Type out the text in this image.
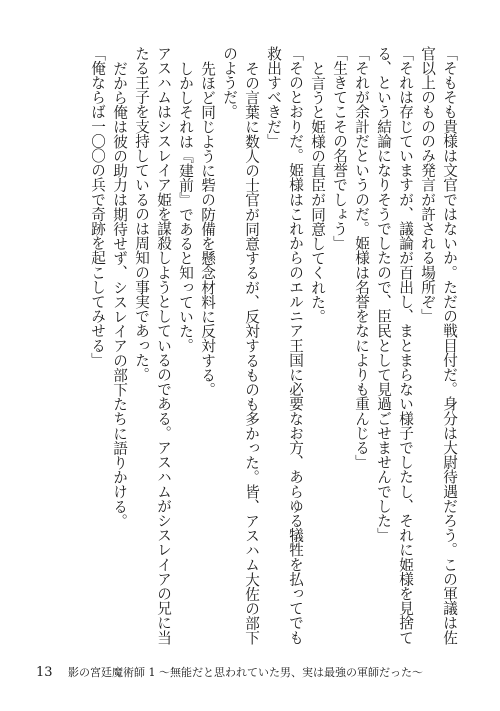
「そもそも貴様は文官ではないか。ただの戦目付だ。身分は大尉待遇だろう。この軍議は佐官以上のもののみ発言が許される場所ぞ」

「それは存じていますが、議論が百出し、まとまらない様子でしたし、それに姫様を見捨てる、という結論になりそうでしたので、臣民として見過ごせませんでした」

「それが余計だというのだ。姫様は名誉をなによりも重んじる」

「生きてこその名誉でしょう」

と言うと姫様の直臣が同意してくれた。

「そのとおりだ。姫様はこれからのエルニア王国に必要なお方、あらゆる犠牲を払ってでも救出すべきだ」

その言葉に数人の士官が同意するが、反対するものも多かった。皆、アスハム大佐の部下のようだ。

先ほど同じように砦の防備を懸念材料に反対する。

しかしそれは『建前』であると知っていた。

アスハムはシスレイア姫を謀殺しようとしているのである。アスハムがシスレイアの兄に当たる王子を支持しているのは周知の事実であった。

だから俺は彼の助力は期待せず、シスレイアの部下たちに語りかける。

「俺ならば一〇〇の兵で奇跡を起こしてみせる」

13 影の宮廷魔術師 1 〜無能だと思われていた男、実は最強の軍師だった〜
